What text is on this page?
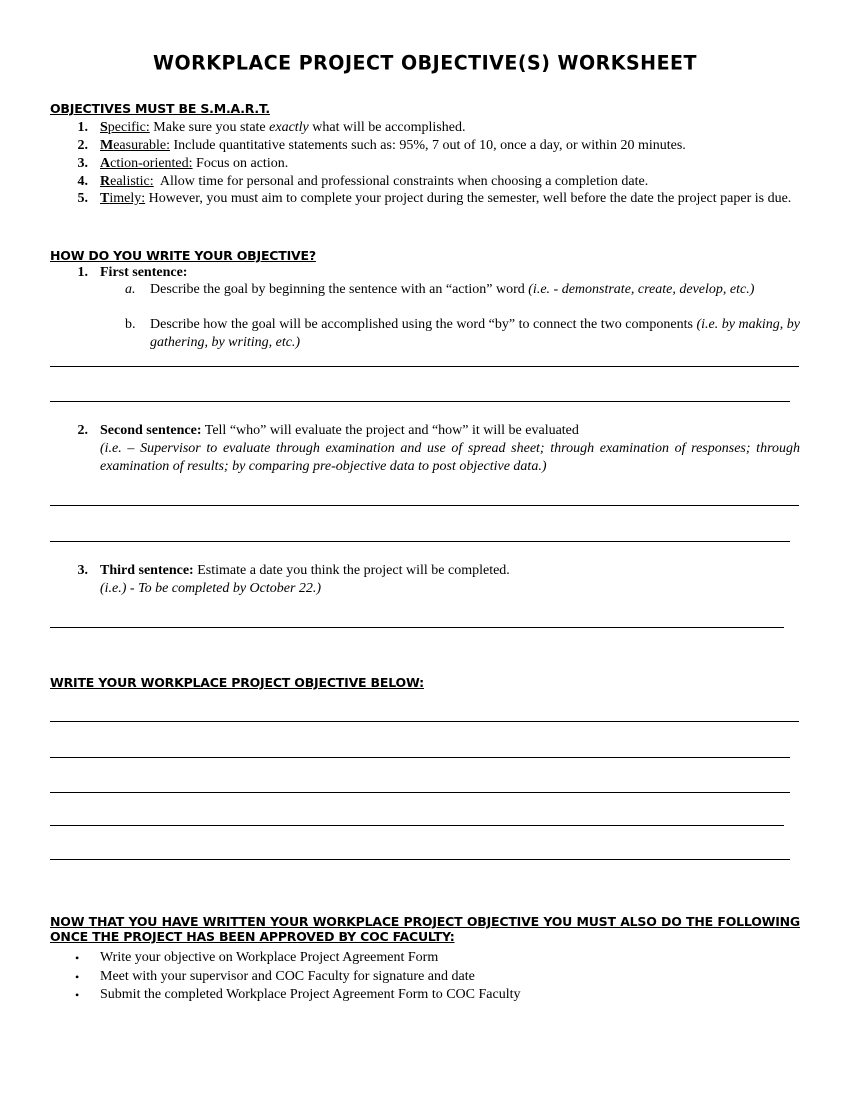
WORKPLACE PROJECT OBJECTIVE(S) WORKSHEET
OBJECTIVES MUST BE S.M.A.R.T.
1. Specific: Make sure you state exactly what will be accomplished.
2. Measurable: Include quantitative statements such as: 95%, 7 out of 10, once a day, or within 20 minutes.
3. Action-oriented: Focus on action.
4. Realistic:  Allow time for personal and professional constraints when choosing a completion date.
5. Timely: However, you must aim to complete your project during the semester, well before the date the project paper is due.
HOW DO YOU WRITE YOUR OBJECTIVE?
1. First sentence:
a. Describe the goal by beginning the sentence with an “action” word (i.e. - demonstrate, create, develop, etc.)
b. Describe how the goal will be accomplished using the word “by” to connect the two components (i.e. by making, by gathering, by writing, etc.)
2. Second sentence: Tell “who” will evaluate the project and “how” it will be evaluated
(i.e. – Supervisor to evaluate through examination and use of spread sheet; through examination of responses; through examination of results; by comparing pre-objective data to post objective data.)
3. Third sentence: Estimate a date you think the project will be completed.
(i.e.) - To be completed by October 22.)
WRITE YOUR WORKPLACE PROJECT OBJECTIVE BELOW:
NOW THAT YOU HAVE WRITTEN YOUR WORKPLACE PROJECT OBJECTIVE YOU MUST ALSO DO THE FOLLOWING ONCE THE PROJECT HAS BEEN APPROVED BY COC FACULTY:
• Write your objective on Workplace Project Agreement Form
• Meet with your supervisor and COC Faculty for signature and date
• Submit the completed Workplace Project Agreement Form to COC Faculty
